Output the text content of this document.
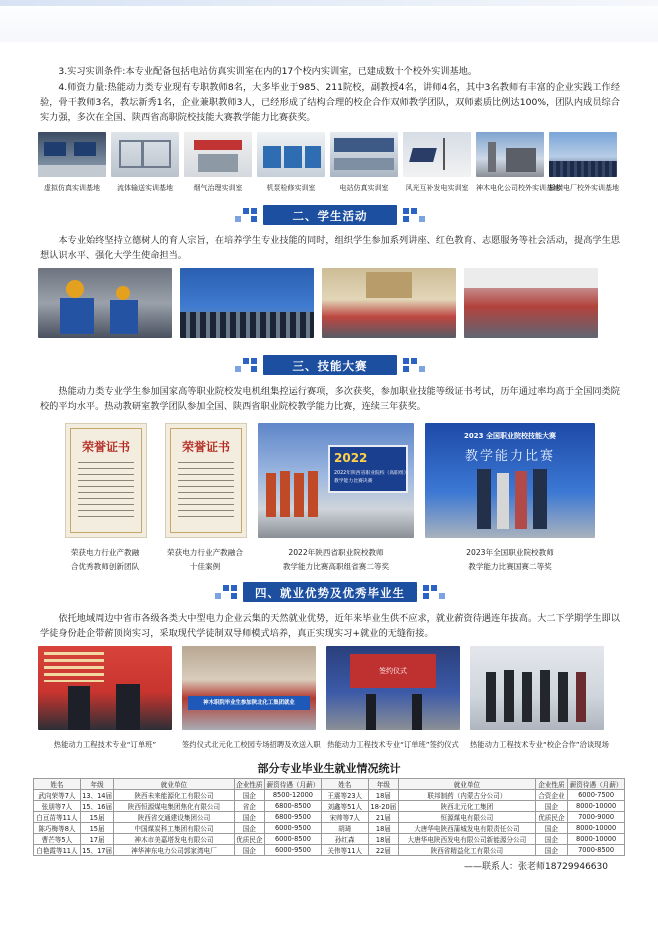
3.实习实训条件:本专业配备包括电站仿真实训室在内的17个校内实训室，已建成数十个校外实训基地。

4.师资力量:热能动力类专业现有专职教师8名，大多毕业于985、211院校，副教授4名，讲师4名，其中3名教师有丰富的企业实践工作经验，骨干教师3名，教坛新秀1名，企业兼职教师3人，已经形成了结构合理的校企合作双师教学团队，双师素质比例达100%，团队内成员综合实力强，多次在全国、陕西省高职院校技能大赛教学能力比赛获奖。

虚拟仿真实训基地	流体输送实训基地	烟气治理实训室	机泵检修实训室	电站仿真实训室	风光互补发电实训室	神木电化公司校外实训基地
榆横电厂校外实训基地
二、学生活动

本专业始终坚持立德树人的育人宗旨，在培养学生专业技能的同时，组织学生参加系列讲座、红色教育、志愿服务等社会活动，提高学生思想认识水平、强化大学生使命担当。

三、技能大赛

热能动力类专业学生参加国家高等职业院校发电机组集控运行赛项，多次获奖，参加职业技能等级证书考试，历年通过率均高于全国同类院校的平均水平。热动教研室教学团队参加全国、陕西省职业院校教学能力比赛，连续三年获奖。

荣誉证书	荣誉证书
2022
2022年陕西省职业院校（高职组）
教学能力比赛决赛
2023 全国职业院校技能大赛
教学能力比赛
荣获电力行业产教融
合优秀教师创新团队
荣获电力行业产教融合
十佳案例
2022年陕西省职业院校教师
教学能力比赛高职组省赛二等奖
2023年全国职业院校教师
教学能力比赛国赛二等奖
四、就业优势及优秀毕业生

依托地域周边中省市各级各类大中型电力企业云集的天然就业优势，近年来毕业生供不应求，就业薪资待遇连年拔高。大二下学期学生即以学徒身份赴企带薪顶岗实习，采取现代学徒制双导师模式培养，真正实现实习+就业的无缝衔接。

热能动力工程技术专业“订单班”
神木职院毕业生参加陕北化工集团就业
签约仪式北元化工校园专场招聘及欢送入职
签约仪式
热能动力工程技术专业“订单班”签约仪式 热能动力工程技术专业“校企合作”洽谈现场
部分专业毕业生就业情况统计
姓名	年级	就业单位	企业性质	薪资待遇（月薪）	姓名	年级	就业单位	企业性质	薪资待遇（月薪）
武向荣等7人	13、14届	陕西未来能源化工有限公司	国企	8500-12000	王震等23人	18届	联邦制药（内蒙古分公司）	合资企业	6000-7500
张朋等7人	15、16届	陕西恒源煤电集团焦化有限公司	省企	6800-8500	刘鑫等51人	18-20届	陕西北元化工集团	国企	8000-10000
白亘苗等11人	15届	陕西省交通建设集团公司	国企	6800-9500	宋帅等7人	21届	恒源煤电有限公司	优质民企	7000-9000
陈巧梅等8人	15届	中国煤炭科工集团有限公司	国企	6000-9500	胡琦	18届	大唐华电陕西蒲城发电有限责任公司	国企	8000-10000
曹芒等5人	17届	神木市美嘉塔发电有限公司	优质民企	6000-8500	孙红森	18届	大唐华电陕西发电有限公司新能源分公司	国企	8000-10000
白艳霞等11人	15、17届	神华神东电力公司郭家湾电厂	国企	6000-9500	关伟等11人	22届	陕西省精益化工有限公司	国企	7000-8500
——联系人：张老师18729946630
